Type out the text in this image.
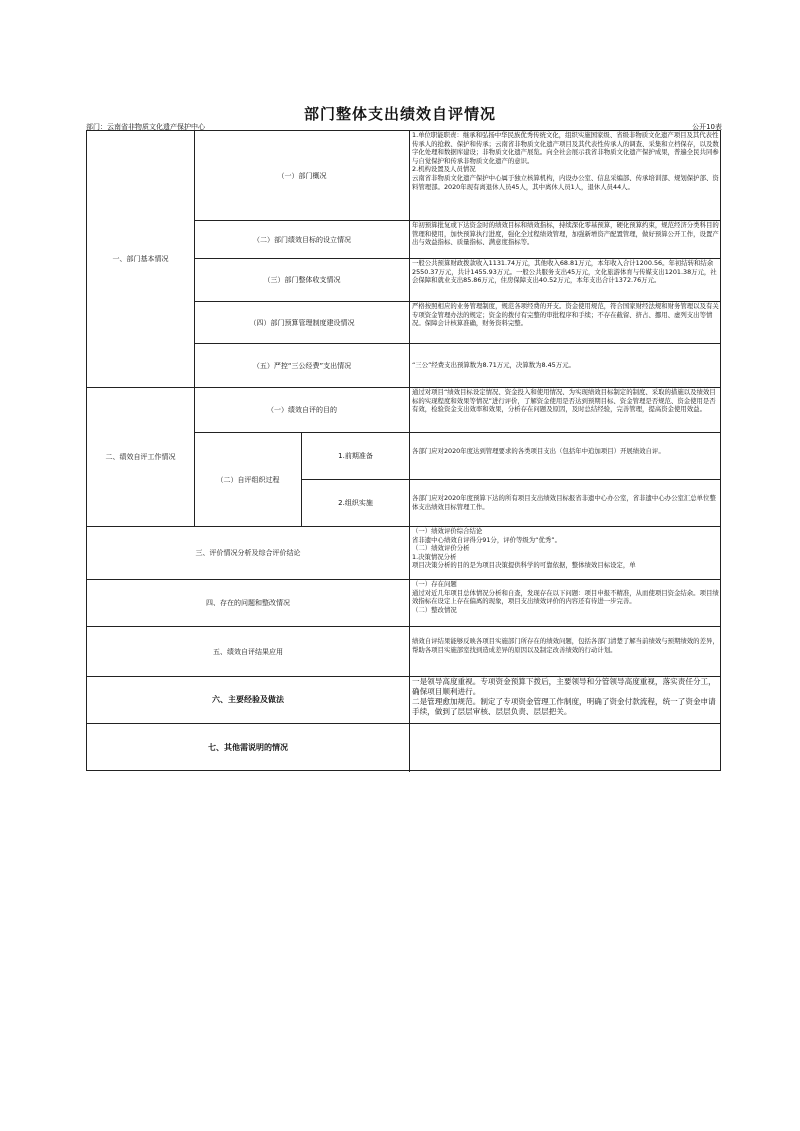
部门整体支出绩效自评情况
部门：云南省非物质文化遗产保护中心	公开10表
一、部门基本情况
二、绩效自评工作情况
（一）部门概况
（二）部门绩效目标的设立情况
（三）部门整体收支情况
（四）部门预算管理制度建设情况
（五）严控“三公经费”支出情况
（一）绩效自评的目的
（二）自评组织过程
1.前期准备
2.组织实施
三、评价情况分析及综合评价结论
四、存在的问题和整改情况
五、绩效自评结果应用
六、主要经验及做法
七、其他需说明的情况
1.单位职能职责：继承和弘扬中华民族优秀传统文化，组织实施国家级、省级非物质文化遗产项目及其代表性传承人的抢救、保护和传承；云南省非物质文化遗产项目及其代表性传承人的调查、采集和立档保存，以及数字化处理和数据库建设；非物质文化遗产展览。向全社会展示我省非物质文化遗产保护成果，普遍全民共同参与自觉保护和传承非物质文化遗产的意识。
2.机构设置及人员情况
云南省非物质文化遗产保护中心属于独立核算机构，内设办公室、信息采编部、传承培训部、规划保护部、资料管理部。2020年现有离退休人员45人，其中离休人员1人，退休人员44人。
年初预算批复或下达资金时的绩效目标和绩效指标，持续深化零基预算，硬化预算约束，规范经济分类科目的管理和使用，加快预算执行进度，强化全过程绩效管理，加强新增资产配置管理，做好预算公开工作，设置产出与效益指标、质量指标、满意度指标等。
一般公共预算财政拨款收入1131.74万元，其他收入68.81万元，本年收入合计1200.56。年初结转和结余2550.37万元，共计1455.93万元。一般公共服务支出45万元，文化旅游体育与传媒支出1201.38万元，社会保障和就业支出85.86万元，住房保障支出40.52万元，本年支出合计1372.76万元。
严格按照相应的业务管理制度，规范各项经费的开支。资金使用规范，符合国家财经法规和财务管理以及有关专项资金管理办法的规定；资金的拨付有完整的审批程序和手续；不存在截留、挤占、挪用、虚列支出等情况。保障会计核算准确，财务资料完整。
“三公”经费支出预算数为8.71万元，决算数为8.45万元。
通过对项目“绩效目标设定情况、资金投入和使用情况、为实现绩效目标制定的制度、采取的措施以及绩效目标的实现程度和效果等情况”进行评价，了解资金使用是否达到预期目标、资金管理是否规范、资金使用是否有效，检验资金支出效率和效果，分析存在问题及原因，及时总结经验，完善管理，提高资金使用效益。
各部门应对2020年度达到管理要求的各类项目支出（包括年中追加项目）开展绩效自评。
各部门应对2020年度预算下达的所有项目支出绩效目标报省非遗中心办公室，省非遗中心办公室汇总单位整体支出绩效目标管理工作。
（一）绩效评价综合结论
省非遗中心绩效自评得分91分，评价等级为“优秀”。
（二）绩效评价分析
1.决策情况分析
项目决策分析的目的是为项目决策提供科学的可靠依据，整体绩效目标设定，单
（一）存在问题
通过对近几年项目总体情况分析和自查，发现存在以下问题：项目申报不精准，从而使项目资金结余。项目绩效指标在设定上存在偏离的现象，项目支出绩效评价的内容还有待进一步完善。
（二）整改情况
绩效自评结果能够反映各项目实施部门所存在的绩效问题，包括各部门清楚了解当前绩效与预期绩效的差异，帮助各项目实施部室找到造成差异的原因以及制定改善绩效的行动计划。
一是领导高度重视。专项资金预算下拨后，主要领导和分管领导高度重视，落实责任分工，确保项目顺利进行。
二是管理愈加规范。制定了专项资金管理工作制度，明确了资金付款流程，统一了资金申请手续，做到了层层审核、层层负责、层层把关。
